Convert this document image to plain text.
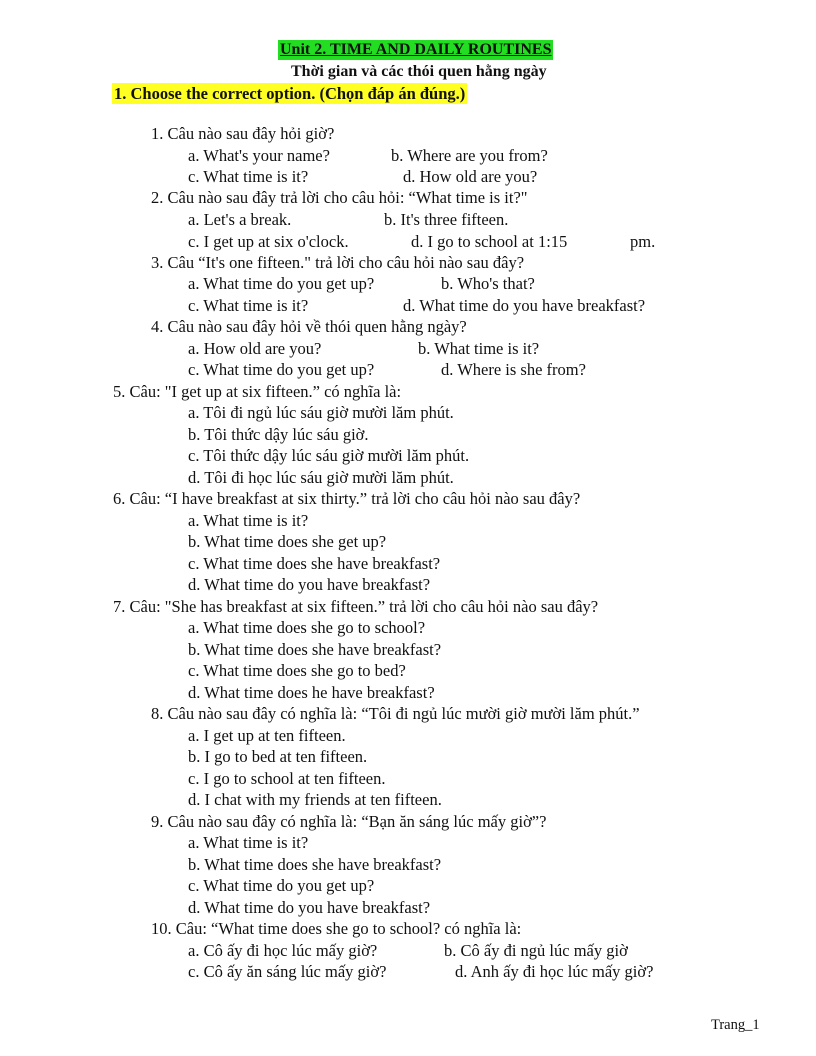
Unit 2. TIME AND DAILY ROUTINES
Thời gian và các thói quen hằng ngày
1. Choose the correct option. (Chọn đáp án đúng.)
1. Câu nào sau đây hỏi giờ?
a. What's your name?	b. Where are you from?
c. What time is it?	d. How old are you?
2. Câu nào sau đây trả lời cho câu hỏi: “What time is it?"
a. Let's a break.	b. It's three fifteen.
c. I get up at six o'clock.	d. I go to school at 1:15	pm.
3. Câu “It's one fifteen." trả lời cho câu hỏi nào sau đây?
a. What time do you get up?	b. Who's that?
c. What time is it?	d. What time do you have breakfast?
4. Câu nào sau đây hỏi về thói quen hằng ngày?
a. How old are you?	b. What time is it?
c. What time do you get up?	d. Where is she from?
5. Câu: "I get up at six fifteen.” có nghĩa là:
a. Tôi đi ngủ lúc sáu giờ mười lăm phút.
b. Tôi thức dậy lúc sáu giờ.
c. Tôi thức dậy lúc sáu giờ mười lăm phút.
d. Tôi đi học lúc sáu giờ mười lăm phút.
6. Câu: “I have breakfast at six thirty.” trả lời cho câu hỏi nào sau đây?
a. What time is it?
b. What time does she get up?
c. What time does she have breakfast?
d. What time do you have breakfast?
7. Câu: "She has breakfast at six fifteen.” trả lời cho câu hỏi nào sau đây?
a. What time does she go to school?
b. What time does she have breakfast?
c. What time does she go to bed?
d. What time does he have breakfast?
8. Câu nào sau đây có nghĩa là: “Tôi đi ngủ lúc mười giờ mười lăm phút.”
a. I get up at ten fifteen.
b. I go to bed at ten fifteen.
c. I go to school at ten fifteen.
d. I chat with my friends at ten fifteen.
9. Câu nào sau đây có nghĩa là: “Bạn ăn sáng lúc mấy giờ”?
a. What time is it?
b. What time does she have breakfast?
c. What time do you get up?
d. What time do you have breakfast?
10. Câu: “What time does she go to school? có nghĩa là:
a. Cô ấy đi học lúc mấy giờ?	b. Cô ấy đi ngủ lúc mấy giờ
c. Cô ấy ăn sáng lúc mấy giờ?	d. Anh ấy đi học lúc mấy giờ?
Trang_1
